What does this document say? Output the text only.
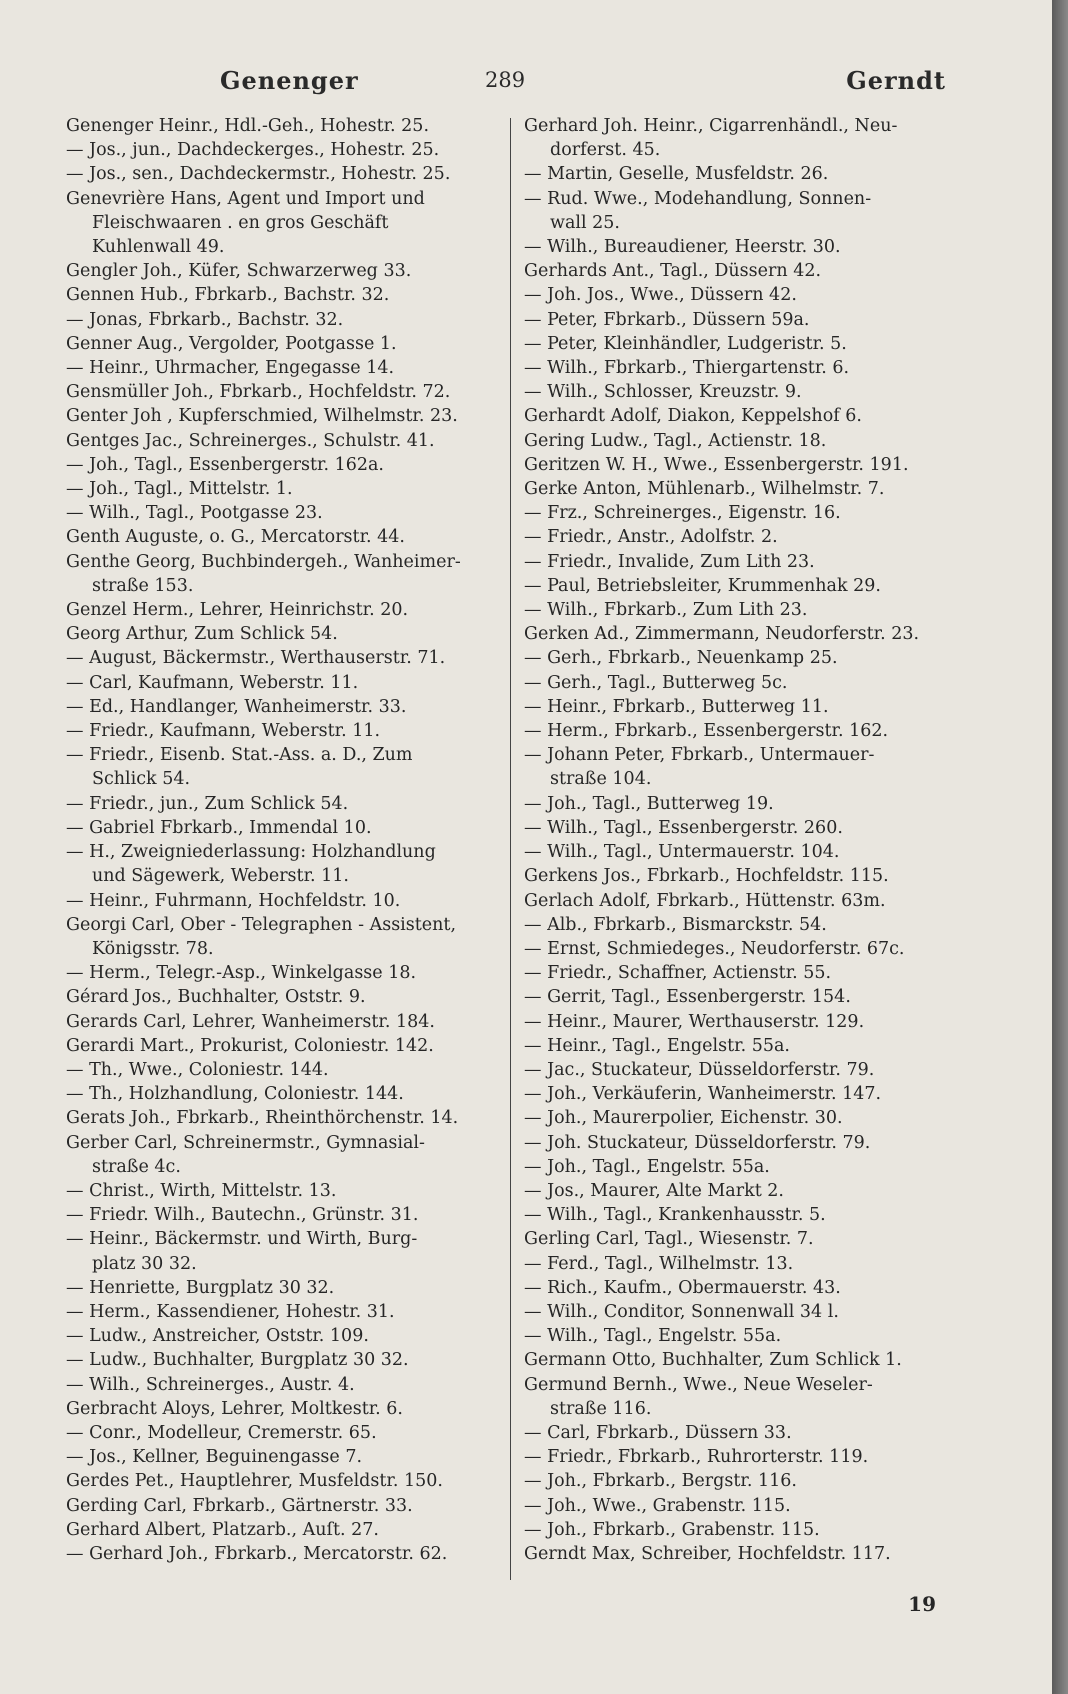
Genenger	289	Gerndt
Genenger Heinr., Hdl.-Geh., Hohestr. 25.
— Jos., jun., Dachdeckerges., Hohestr. 25.
— Jos., sen., Dachdeckermstr., Hohestr. 25.
Genevrière Hans, Agent und Import und
Fleischwaaren . en gros Geschäft
Kuhlenwall 49.
Gengler Joh., Küfer, Schwarzerweg 33.
Gennen Hub., Fbrkarb., Bachstr. 32.
— Jonas, Fbrkarb., Bachstr. 32.
Genner Aug., Vergolder, Pootgasse 1.
— Heinr., Uhrmacher, Engegasse 14.
Gensmüller Joh., Fbrkarb., Hochfeldstr. 72.
Genter Joh , Kupferschmied, Wilhelmstr. 23.
Gentges Jac., Schreinerges., Schulstr. 41.
— Joh., Tagl., Essenbergerstr. 162a.
— Joh., Tagl., Mittelstr. 1.
— Wilh., Tagl., Pootgasse 23.
Genth Auguste, o. G., Mercatorstr. 44.
Genthe Georg, Buchbindergeh., Wanheimer-
straße 153.
Genzel Herm., Lehrer, Heinrichstr. 20.
Georg Arthur, Zum Schlick 54.
— August, Bäckermstr., Werthauserstr. 71.
— Carl, Kaufmann, Weberstr. 11.
— Ed., Handlanger, Wanheimerstr. 33.
— Friedr., Kaufmann, Weberstr. 11.
— Friedr., Eisenb. Stat.-Ass. a. D., Zum
Schlick 54.
— Friedr., jun., Zum Schlick 54.
— Gabriel Fbrkarb., Immendal 10.
— H., Zweigniederlassung: Holzhandlung
und Sägewerk, Weberstr. 11.
— Heinr., Fuhrmann, Hochfeldstr. 10.
Georgi Carl, Ober - Telegraphen - Assistent,
Königsstr. 78.
— Herm., Telegr.-Asp., Winkelgasse 18.
Gérard Jos., Buchhalter, Oststr. 9.
Gerards Carl, Lehrer, Wanheimerstr. 184.
Gerardi Mart., Prokurist, Coloniestr. 142.
— Th., Wwe., Coloniestr. 144.
— Th., Holzhandlung, Coloniestr. 144.
Gerats Joh., Fbrkarb., Rheinthörchenstr. 14.
Gerber Carl, Schreinermstr., Gymnasial-
straße 4c.
— Christ., Wirth, Mittelstr. 13.
— Friedr. Wilh., Bautechn., Grünstr. 31.
— Heinr., Bäckermstr. und Wirth, Burg-
platz 30 32.
— Henriette, Burgplatz 30 32.
— Herm., Kassendiener, Hohestr. 31.
— Ludw., Anstreicher, Oststr. 109.
— Ludw., Buchhalter, Burgplatz 30 32.
— Wilh., Schreinerges., Austr. 4.
Gerbracht Aloys, Lehrer, Moltkestr. 6.
— Conr., Modelleur, Cremerstr. 65.
— Jos., Kellner, Beguinengasse 7.
Gerdes Pet., Hauptlehrer, Musfeldstr. 150.
Gerding Carl, Fbrkarb., Gärtnerstr. 33.
Gerhard Albert, Platzarb., Auſt. 27.
— Gerhard Joh., Fbrkarb., Mercatorstr. 62.
Gerhard Joh. Heinr., Cigarrenhändl., Neu-
dorferst. 45.
— Martin, Geselle, Musfeldstr. 26.
— Rud. Wwe., Modehandlung, Sonnen-
wall 25.
— Wilh., Bureaudiener, Heerstr. 30.
Gerhards Ant., Tagl., Düssern 42.
— Joh. Jos., Wwe., Düssern 42.
— Peter, Fbrkarb., Düssern 59a.
— Peter, Kleinhändler, Ludgeristr. 5.
— Wilh., Fbrkarb., Thiergartenstr. 6.
— Wilh., Schlosser, Kreuzstr. 9.
Gerhardt Adolf, Diakon, Keppelshof 6.
Gering Ludw., Tagl., Actienstr. 18.
Geritzen W. H., Wwe., Essenbergerstr. 191.
Gerke Anton, Mühlenarb., Wilhelmstr. 7.
— Frz., Schreinerges., Eigenstr. 16.
— Friedr., Anstr., Adolfstr. 2.
— Friedr., Invalide, Zum Lith 23.
— Paul, Betriebsleiter, Krummenhak 29.
— Wilh., Fbrkarb., Zum Lith 23.
Gerken Ad., Zimmermann, Neudorferstr. 23.
— Gerh., Fbrkarb., Neuenkamp 25.
— Gerh., Tagl., Butterweg 5c.
— Heinr., Fbrkarb., Butterweg 11.
— Herm., Fbrkarb., Essenbergerstr. 162.
— Johann Peter, Fbrkarb., Untermauer-
straße 104.
— Joh., Tagl., Butterweg 19.
— Wilh., Tagl., Essenbergerstr. 260.
— Wilh., Tagl., Untermauerstr. 104.
Gerkens Jos., Fbrkarb., Hochfeldstr. 115.
Gerlach Adolf, Fbrkarb., Hüttenstr. 63m.
— Alb., Fbrkarb., Bismarckstr. 54.
— Ernst, Schmiedeges., Neudorferstr. 67c.
— Friedr., Schaffner, Actienstr. 55.
— Gerrit, Tagl., Essenbergerstr. 154.
— Heinr., Maurer, Werthauserstr. 129.
— Heinr., Tagl., Engelstr. 55a.
— Jac., Stuckateur, Düsseldorferstr. 79.
— Joh., Verkäuferin, Wanheimerstr. 147.
— Joh., Maurerpolier, Eichenstr. 30.
— Joh. Stuckateur, Düsseldorferstr. 79.
— Joh., Tagl., Engelstr. 55a.
— Jos., Maurer, Alte Markt 2.
— Wilh., Tagl., Krankenhausstr. 5.
Gerling Carl, Tagl., Wiesenstr. 7.
— Ferd., Tagl., Wilhelmstr. 13.
— Rich., Kaufm., Obermauerstr. 43.
— Wilh., Conditor, Sonnenwall 34 l.
— Wilh., Tagl., Engelstr. 55a.
Germann Otto, Buchhalter, Zum Schlick 1.
Germund Bernh., Wwe., Neue Weseler-
straße 116.
— Carl, Fbrkarb., Düssern 33.
— Friedr., Fbrkarb., Ruhrorterstr. 119.
— Joh., Fbrkarb., Bergstr. 116.
— Joh., Wwe., Grabenstr. 115.
— Joh., Fbrkarb., Grabenstr. 115.
Gerndt Max, Schreiber, Hochfeldstr. 117.
19
